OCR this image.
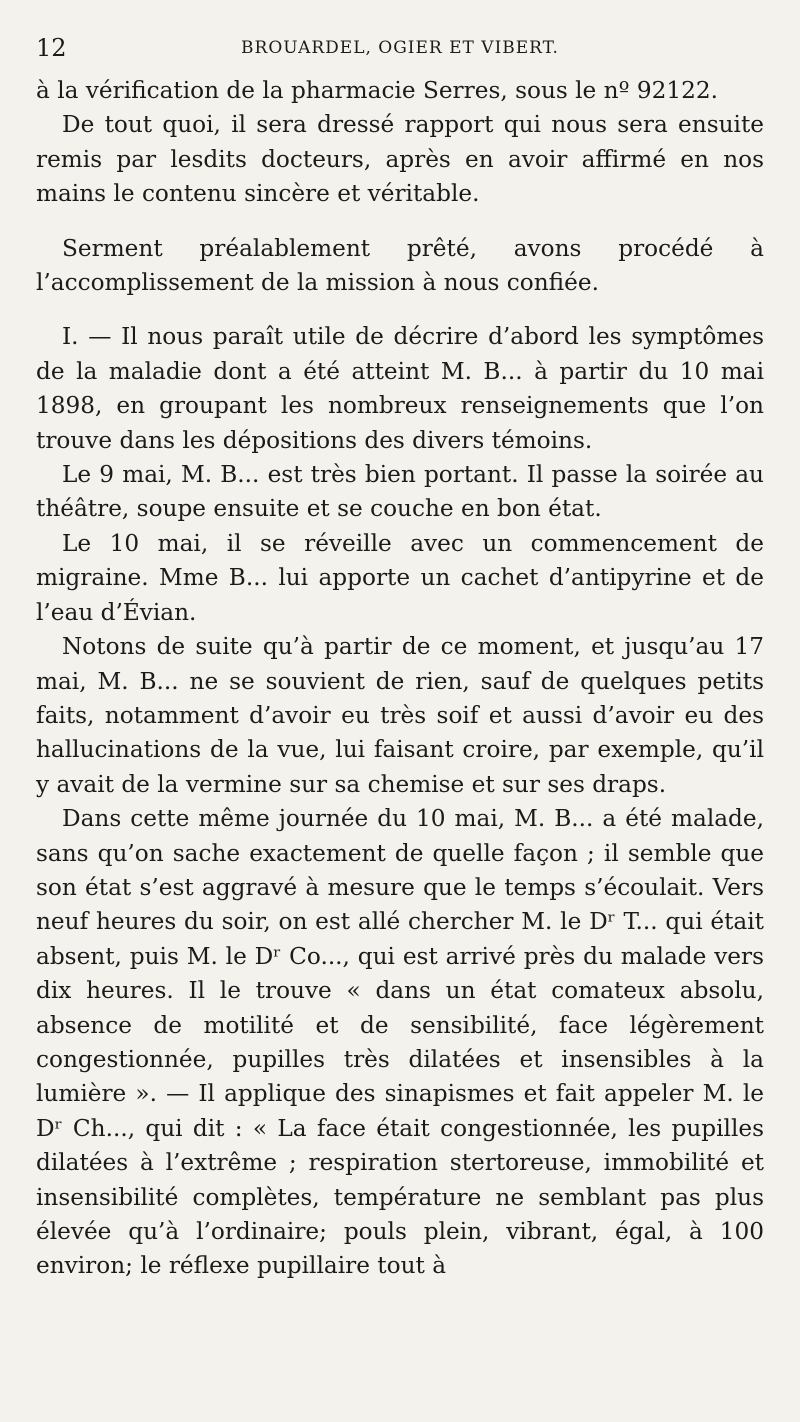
12	BROUARDEL, OGIER ET VIBERT.

à la vérification de la pharmacie Serres, sous le nº 92122.

De tout quoi, il sera dressé rapport qui nous sera ensuite remis par lesdits docteurs, après en avoir affirmé en nos mains le contenu sincère et véritable.

Serment préalablement prêté, avons procédé à l’accomplissement de la mission à nous confiée.

I. — Il nous paraît utile de décrire d’abord les symptômes de la maladie dont a été atteint M. B... à partir du 10 mai 1898, en groupant les nombreux renseignements que l’on trouve dans les dépositions des divers témoins.

Le 9 mai, M. B... est très bien portant. Il passe la soirée au théâtre, soupe ensuite et se couche en bon état.

Le 10 mai, il se réveille avec un commencement de migraine. Mme B... lui apporte un cachet d’antipyrine et de l’eau d’Évian.

Notons de suite qu’à partir de ce moment, et jusqu’au 17 mai, M. B... ne se souvient de rien, sauf de quelques petits faits, notamment d’avoir eu très soif et aussi d’avoir eu des hallucinations de la vue, lui faisant croire, par exemple, qu’il y avait de la vermine sur sa chemise et sur ses draps.

Dans cette même journée du 10 mai, M. B... a été malade, sans qu’on sache exactement de quelle façon ; il semble que son état s’est aggravé à mesure que le temps s’écoulait. Vers neuf heures du soir, on est allé chercher M. le Dʳ T... qui était absent, puis M. le Dʳ Co..., qui est arrivé près du malade vers dix heures. Il le trouve « dans un état comateux absolu, absence de motilité et de sensibilité, face légèrement congestionnée, pupilles très dilatées et insensibles à la lumière ». — Il applique des sinapismes et fait appeler M. le Dʳ Ch..., qui dit : « La face était congestionnée, les pupilles dilatées à l’extrême ; respiration stertoreuse, immobilité et insensibilité complètes, température ne semblant pas plus élevée qu’à l’ordinaire; pouls plein, vibrant, égal, à 100 environ; le réflexe pupillaire tout à
